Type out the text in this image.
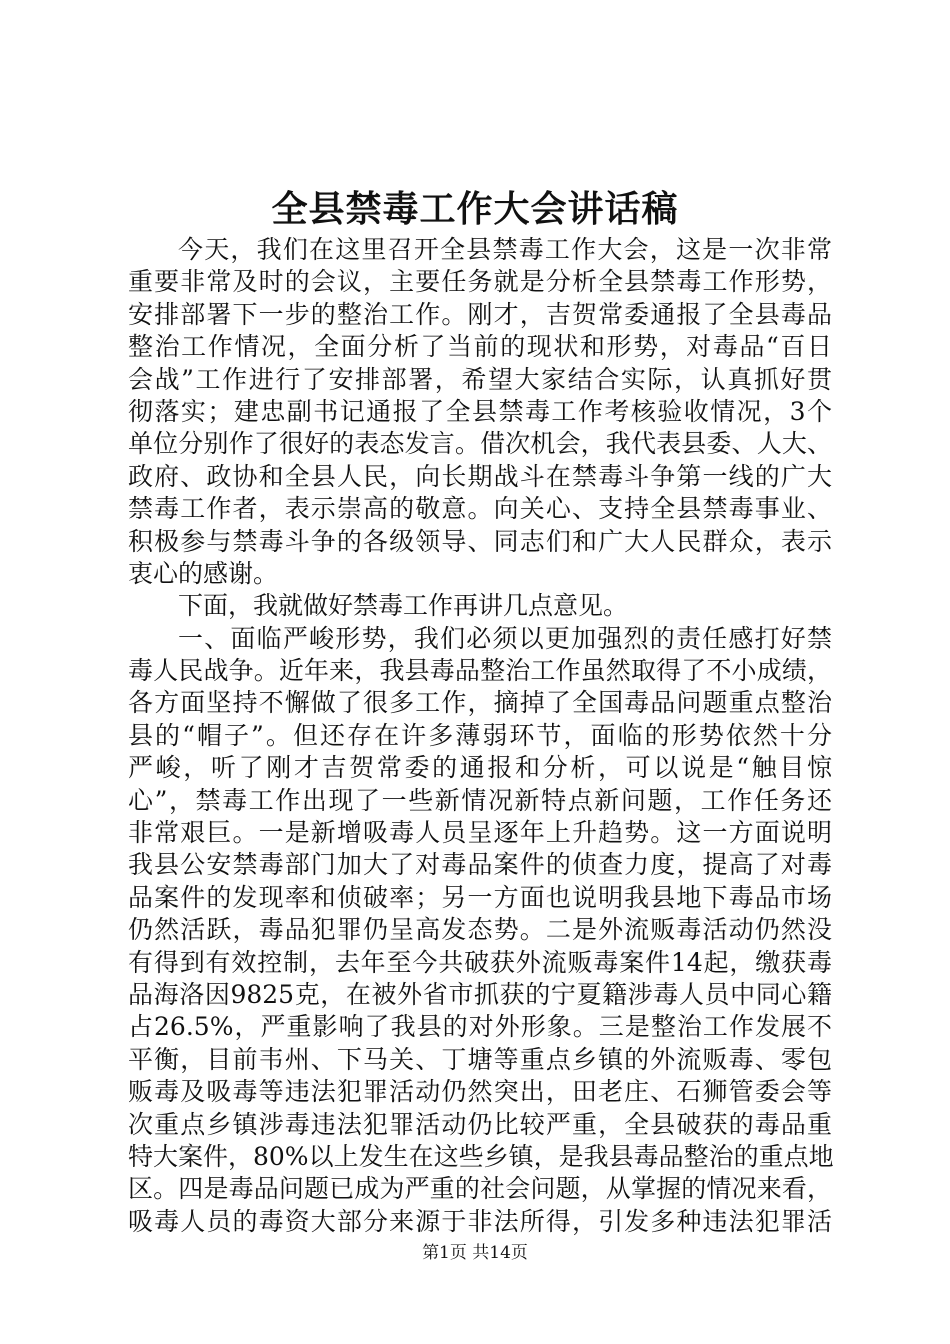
全县禁毒工作大会讲话稿
今天，我们在这里召开全县禁毒工作大会，这是一次非常
重要非常及时的会议，主要任务就是分析全县禁毒工作形势，
安排部署下一步的整治工作。刚才，吉贺常委通报了全县毒品
整治工作情况，全面分析了当前的现状和形势，对毒品“百日
会战”工作进行了安排部署，希望大家结合实际，认真抓好贯
彻落实；建忠副书记通报了全县禁毒工作考核验收情况，3个
单位分别作了很好的表态发言。借次机会，我代表县委、人大、
政府、政协和全县人民，向长期战斗在禁毒斗争第一线的广大
禁毒工作者，表示崇高的敬意。向关心、支持全县禁毒事业、
积极参与禁毒斗争的各级领导、同志们和广大人民群众，表示
衷心的感谢。
下面，我就做好禁毒工作再讲几点意见。
一、面临严峻形势，我们必须以更加强烈的责任感打好禁
毒人民战争。近年来，我县毒品整治工作虽然取得了不小成绩，
各方面坚持不懈做了很多工作，摘掉了全国毒品问题重点整治
县的“帽子”。但还存在许多薄弱环节，面临的形势依然十分
严峻，听了刚才吉贺常委的通报和分析，可以说是“触目惊
心”，禁毒工作出现了一些新情况新特点新问题，工作任务还
非常艰巨。一是新增吸毒人员呈逐年上升趋势。这一方面说明
我县公安禁毒部门加大了对毒品案件的侦查力度，提高了对毒
品案件的发现率和侦破率；另一方面也说明我县地下毒品市场
仍然活跃，毒品犯罪仍呈高发态势。二是外流贩毒活动仍然没
有得到有效控制，去年至今共破获外流贩毒案件14起，缴获毒
品海洛因9825克，在被外省市抓获的宁夏籍涉毒人员中同心籍
占26.5%，严重影响了我县的对外形象。三是整治工作发展不
平衡，目前韦州、下马关、丁塘等重点乡镇的外流贩毒、零包
贩毒及吸毒等违法犯罪活动仍然突出，田老庄、石狮管委会等
次重点乡镇涉毒违法犯罪活动仍比较严重，全县破获的毒品重
特大案件，80%以上发生在这些乡镇，是我县毒品整治的重点地
区。四是毒品问题已成为严重的社会问题，从掌握的情况来看，
吸毒人员的毒资大部分来源于非法所得，引发多种违法犯罪活
第1页 共14页
